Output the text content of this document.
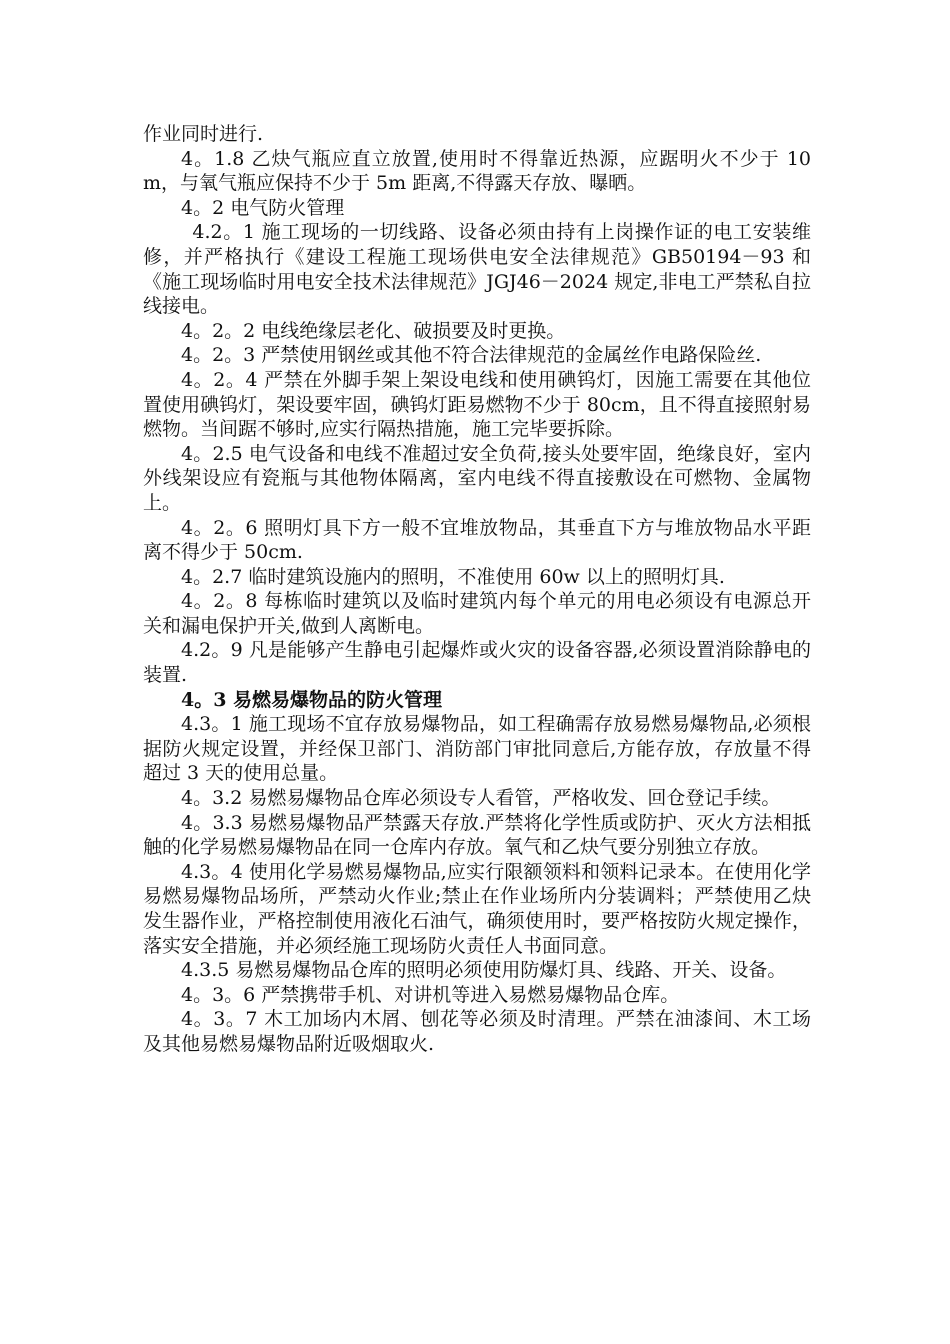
作业同时进行.

4。1.8 乙炔气瓶应直立放置,使用时不得靠近热源，应踞明火不少于 10m，与氧气瓶应保持不少于 5m 距离,不得露天存放、曝晒。

4。2 电气防火管理

4.2。1 施工现场的一切线路、设备必须由持有上岗操作证的电工安装维修，并严格执行《建设工程施工现场供电安全法律规范》GB50194－93 和《施工现场临时用电安全技术法律规范》JGJ46－2024 规定,非电工严禁私自拉线接电。

4。2。2 电线绝缘层老化、破损要及时更换。

4。2。3 严禁使用钢丝或其他不符合法律规范的金属丝作电路保险丝.

4。2。4 严禁在外脚手架上架设电线和使用碘钨灯，因施工需要在其他位置使用碘钨灯，架设要牢固，碘钨灯距易燃物不少于 80cm，且不得直接照射易燃物。当间踞不够时,应实行隔热措施，施工完毕要拆除。

4。2.5 电气设备和电线不准超过安全负荷,接头处要牢固，绝缘良好，室内外线架设应有瓷瓶与其他物体隔离，室内电线不得直接敷设在可燃物、金属物上。

4。2。6 照明灯具下方一般不宜堆放物品，其垂直下方与堆放物品水平距离不得少于 50cm.

4。2.7 临时建筑设施内的照明，不准使用 60w 以上的照明灯具.

4。2。8 每栋临时建筑以及临时建筑内每个单元的用电必须设有电源总开关和漏电保护开关,做到人离断电。

4.2。9 凡是能够产生静电引起爆炸或火灾的设备容器,必须设置消除静电的装置.

4。3 易燃易爆物品的防火管理

4.3。1 施工现场不宜存放易爆物品，如工程确需存放易燃易爆物品,必须根据防火规定设置，并经保卫部门、消防部门审批同意后,方能存放，存放量不得超过 3 天的使用总量。

4。3.2 易燃易爆物品仓库必须设专人看管，严格收发、回仓登记手续。

4。3.3 易燃易爆物品严禁露天存放.严禁将化学性质或防护、灭火方法相抵触的化学易燃易爆物品在同一仓库内存放。氧气和乙炔气要分别独立存放。

4.3。4 使用化学易燃易爆物品,应实行限额领料和领料记录本。在使用化学易燃易爆物品场所，严禁动火作业;禁止在作业场所内分装调料；严禁使用乙炔发生器作业，严格控制使用液化石油气，确须使用时，要严格按防火规定操作，落实安全措施，并必须经施工现场防火责任人书面同意。

4.3.5 易燃易爆物品仓库的照明必须使用防爆灯具、线路、开关、设备。

4。3。6 严禁携带手机、对讲机等进入易燃易爆物品仓库。

4。3。7 木工加场内木屑、刨花等必须及时清理。严禁在油漆间、木工场及其他易燃易爆物品附近吸烟取火.
